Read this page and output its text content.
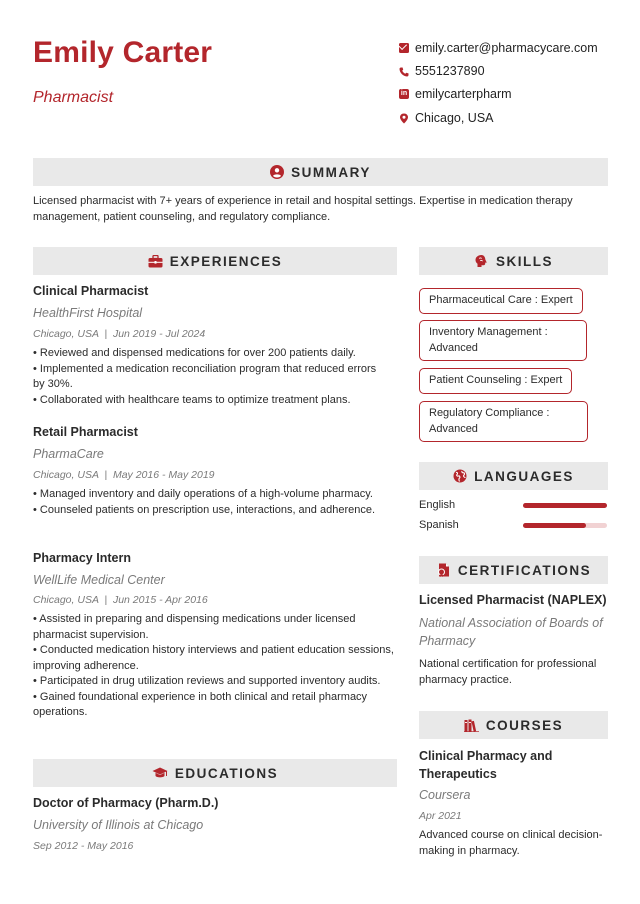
Emily Carter
Pharmacist
emily.carter@pharmacycare.com
5551237890
in emilycarterpharm
Chicago, USA
SUMMARY
Licensed pharmacist with 7+ years of experience in retail and hospital settings. Expertise in medication therapy management, patient counseling, and regulatory compliance.
EXPERIENCES
Clinical Pharmacist
HealthFirst Hospital
Chicago, USA  |  Jun 2019 - Jul 2024
• Reviewed and dispensed medications for over 200 patients daily.
• Implemented a medication reconciliation program that reduced errors by 30%.
• Collaborated with healthcare teams to optimize treatment plans.
Retail Pharmacist
PharmaCare
Chicago, USA  |  May 2016 - May 2019
• Managed inventory and daily operations of a high-volume pharmacy.
• Counseled patients on prescription use, interactions, and adherence.
Pharmacy Intern
WellLife Medical Center
Chicago, USA  |  Jun 2015 - Apr 2016
• Assisted in preparing and dispensing medications under licensed pharmacist supervision.
• Conducted medication history interviews and patient education sessions, improving adherence.
• Participated in drug utilization reviews and supported inventory audits.
• Gained foundational experience in both clinical and retail pharmacy operations.
EDUCATIONS
Doctor of Pharmacy (Pharm.D.)
University of Illinois at Chicago
Sep 2012 - May 2016
SKILLS
Pharmaceutical Care : Expert
Inventory Management : Advanced
Patient Counseling : Expert
Regulatory Compliance : Advanced
LANGUAGES
English
Spanish
CERTIFICATIONS
Licensed Pharmacist (NAPLEX)
National Association of Boards of Pharmacy
National certification for professional pharmacy practice.
COURSES
Clinical Pharmacy and Therapeutics
Coursera
Apr 2021
Advanced course on clinical decision-making in pharmacy.
